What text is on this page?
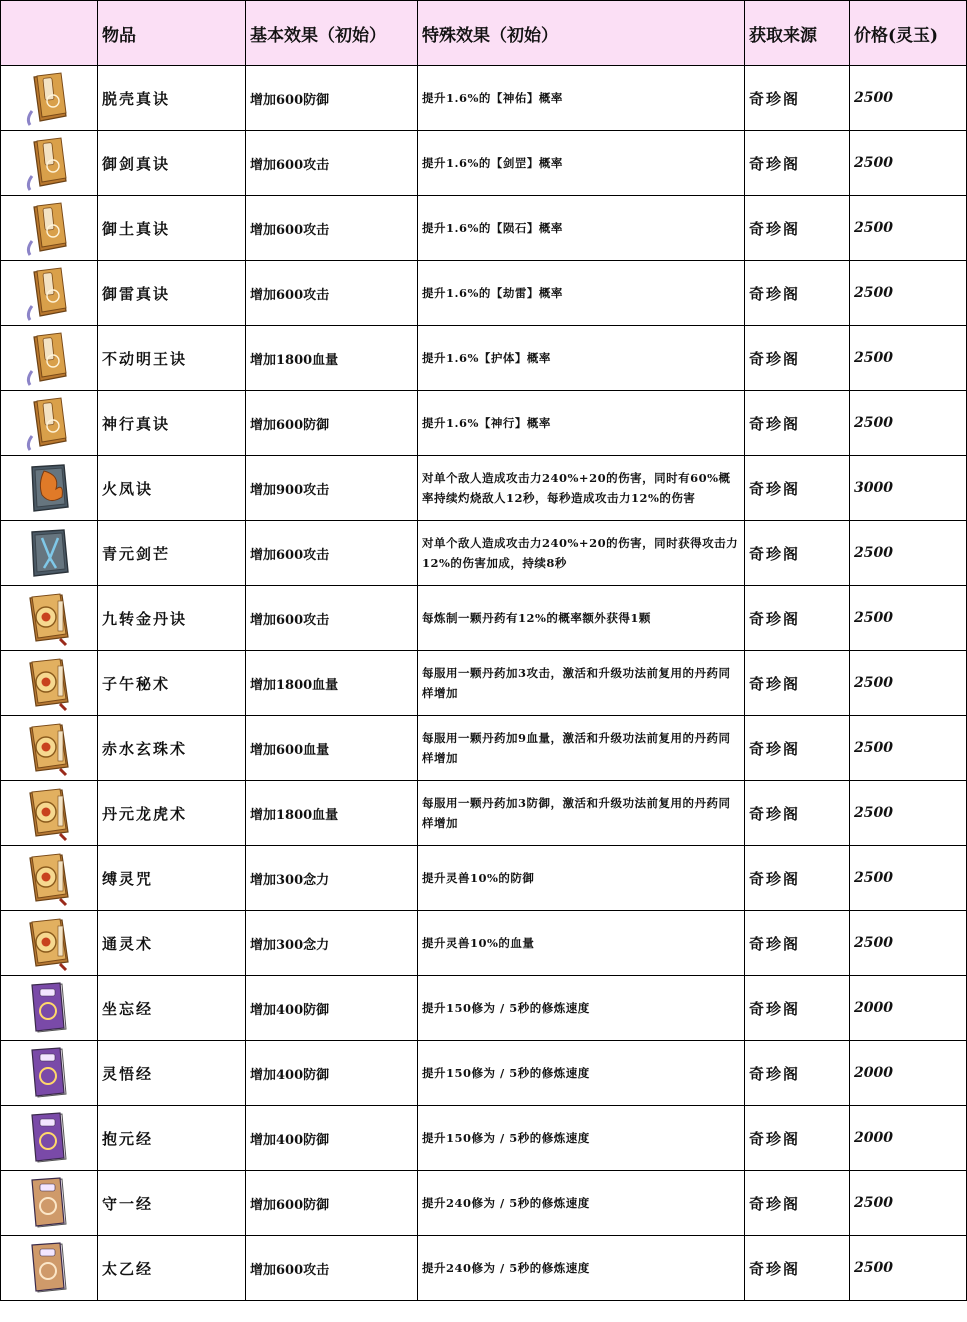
	物品	基本效果（初始）	特殊效果（初始）	获取来源	价格(灵玉)
	脱壳真诀	增加600防御	提升1.6%的【神佑】概率	奇珍阁	2500
	御剑真诀	增加600攻击	提升1.6%的【剑罡】概率	奇珍阁	2500
	御土真诀	增加600攻击	提升1.6%的【陨石】概率	奇珍阁	2500
	御雷真诀	增加600攻击	提升1.6%的【劫雷】概率	奇珍阁	2500
	不动明王诀	增加1800血量	提升1.6%【护体】概率	奇珍阁	2500
	神行真诀	增加600防御	提升1.6%【神行】概率	奇珍阁	2500
	火凤诀	增加900攻击	对单个敌人造成攻击力240%+20的伤害，同时有60%概率持续灼烧敌人12秒，每秒造成攻击力12%的伤害	奇珍阁	3000
	青元剑芒	增加600攻击	对单个敌人造成攻击力240%+20的伤害，同时获得攻击力12%的伤害加成，持续8秒	奇珍阁	2500
	九转金丹诀	增加600攻击	每炼制一颗丹药有12%的概率额外获得1颗	奇珍阁	2500
	子午秘术	增加1800血量	每服用一颗丹药加3攻击，激活和升级功法前复用的丹药同样增加	奇珍阁	2500
	赤水玄珠术	增加600血量	每服用一颗丹药加9血量，激活和升级功法前复用的丹药同样增加	奇珍阁	2500
	丹元龙虎术	增加1800血量	每服用一颗丹药加3防御，激活和升级功法前复用的丹药同样增加	奇珍阁	2500
	缚灵咒	增加300念力	提升灵兽10%的防御	奇珍阁	2500
	通灵术	增加300念力	提升灵兽10%的血量	奇珍阁	2500
	坐忘经	增加400防御	提升150修为 / 5秒的修炼速度	奇珍阁	2000
	灵悟经	增加400防御	提升150修为 / 5秒的修炼速度	奇珍阁	2000
	抱元经	增加400防御	提升150修为 / 5秒的修炼速度	奇珍阁	2000
	守一经	增加600防御	提升240修为 / 5秒的修炼速度	奇珍阁	2500
	太乙经	增加600攻击	提升240修为 / 5秒的修炼速度	奇珍阁	2500
